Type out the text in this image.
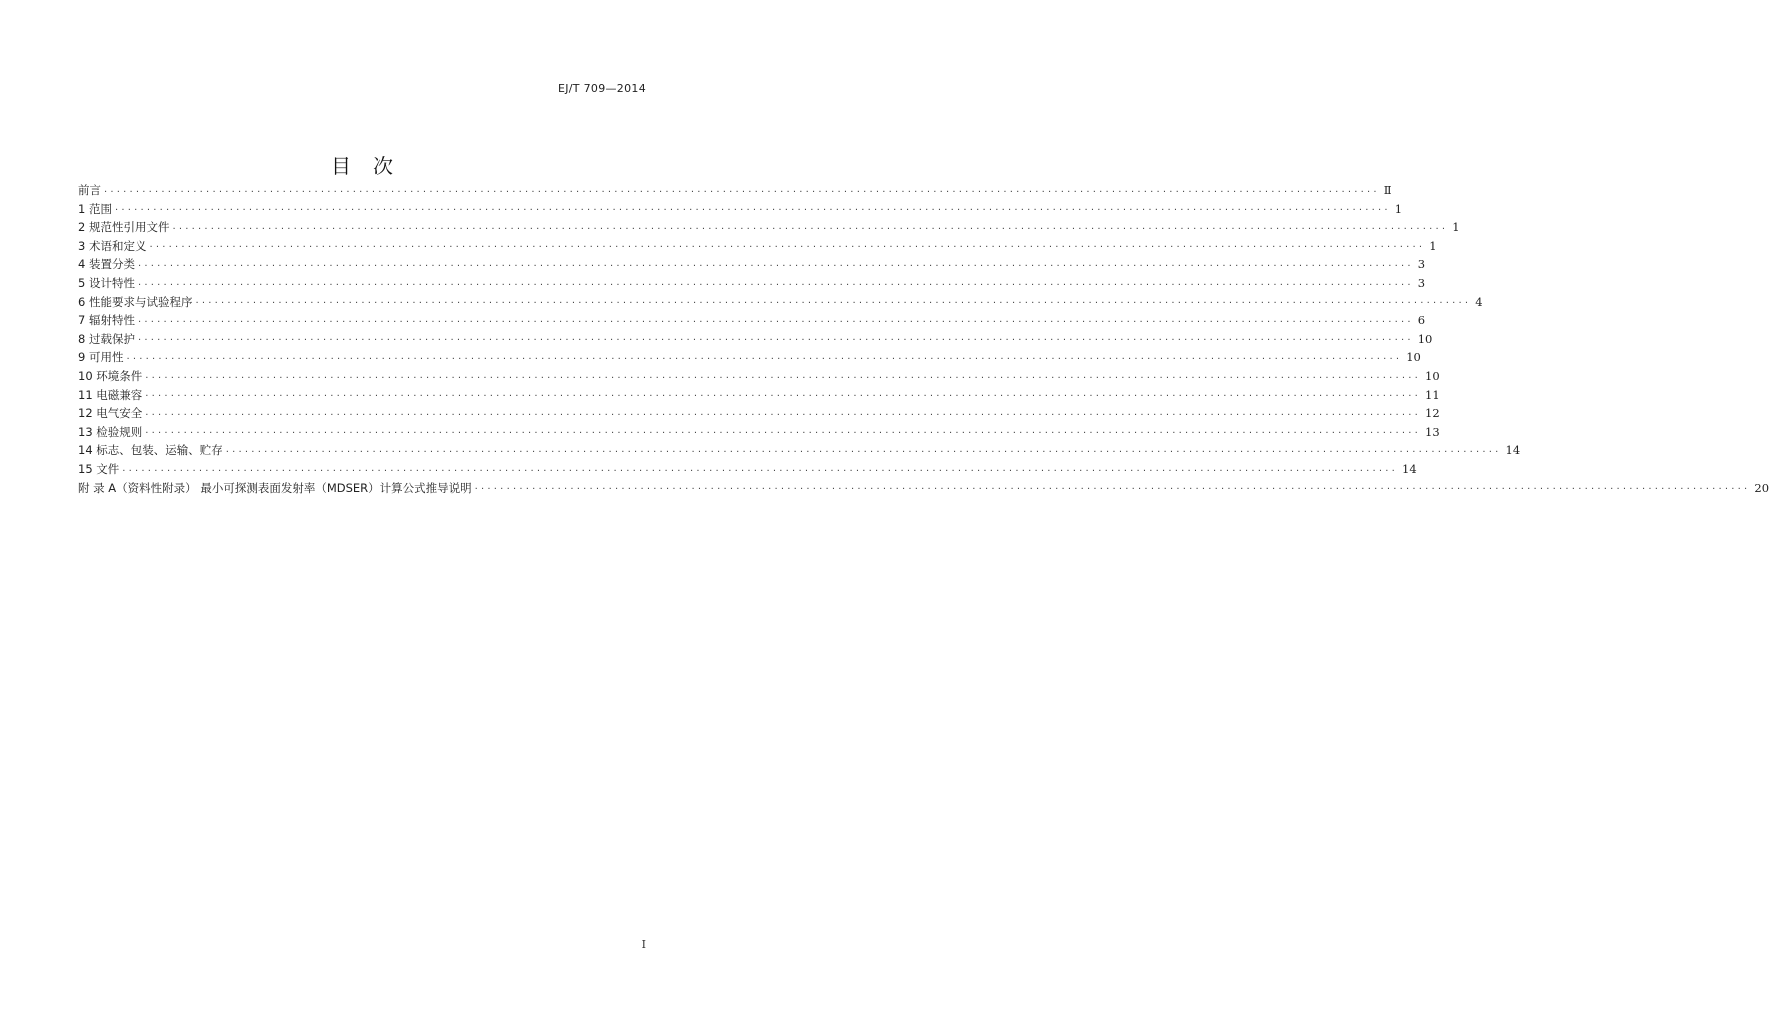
EJ/T 709—2014
目次
前言 ........................................................................................................................................................................................................ Ⅱ
1 范围 ........................................................................................................................................................................................................ 1
2 规范性引用文件 ........................................................................................................................................................................................................ 1
3 术语和定义 ........................................................................................................................................................................................................ 1
4 装置分类 ........................................................................................................................................................................................................ 3
5 设计特性 ........................................................................................................................................................................................................ 3
6 性能要求与试验程序 ........................................................................................................................................................................................................ 4
7 辐射特性 ........................................................................................................................................................................................................ 6
8 过载保护 ........................................................................................................................................................................................................ 10
9 可用性 ........................................................................................................................................................................................................ 10
10 环境条件 ........................................................................................................................................................................................................ 10
11 电磁兼容 ........................................................................................................................................................................................................ 11
12 电气安全 ........................................................................................................................................................................................................ 12
13 检验规则 ........................................................................................................................................................................................................ 13
14 标志、包装、运输、贮存 ........................................................................................................................................................................................................ 14
15 文件 ........................................................................................................................................................................................................ 14
附 录 A（资料性附录） 最小可探测表面发射率（MDSER）计算公式推导说明 ........................................................................................................................................................................................................ 20
I
